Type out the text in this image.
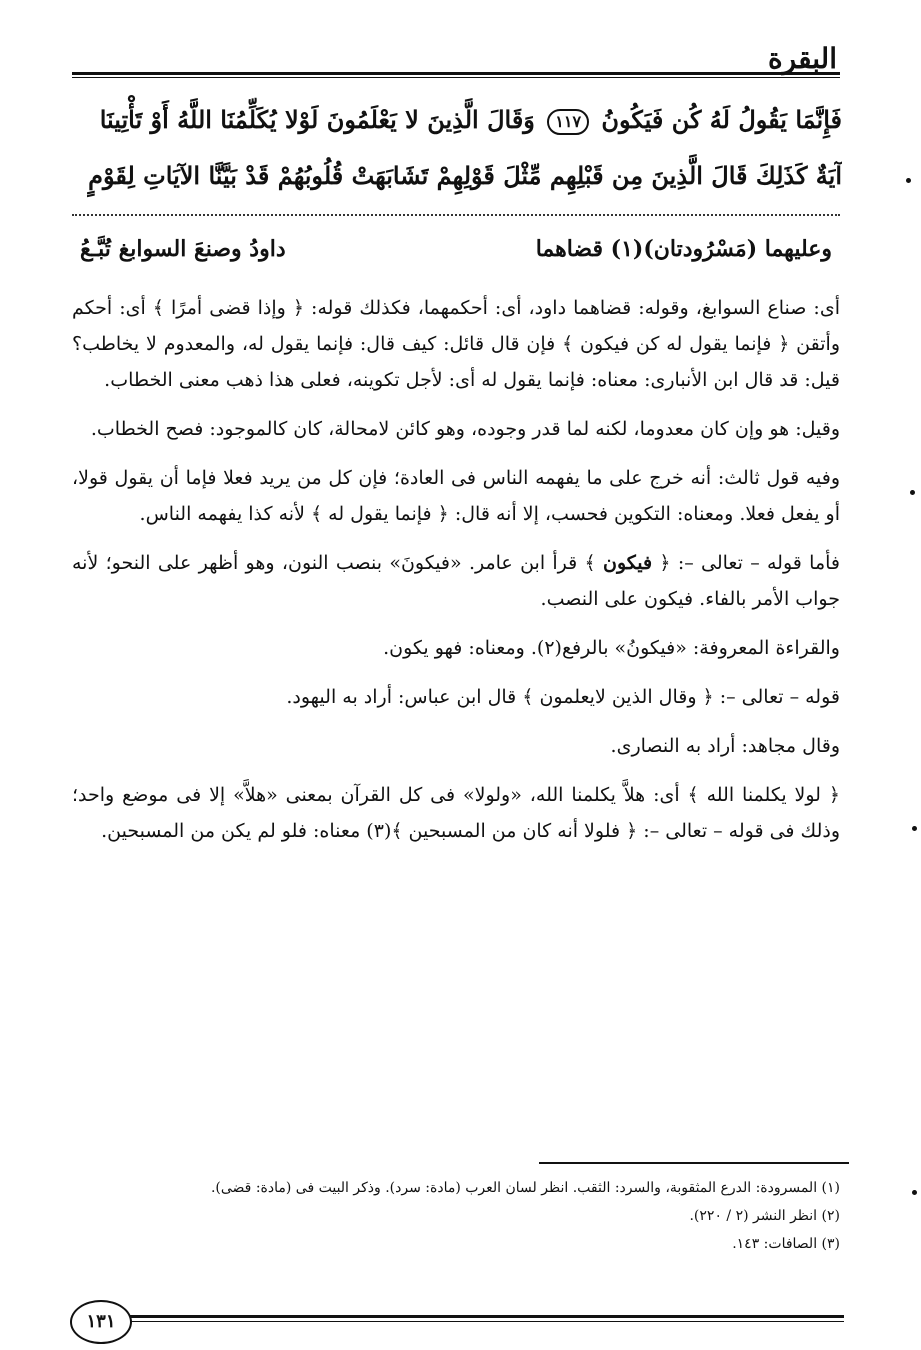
البقرة
فَإِنَّمَا يَقُولُ لَهُ كُن فَيَكُونُ ١١٧ وَقَالَ الَّذِينَ لا يَعْلَمُونَ لَوْلا يُكَلِّمُنَا اللَّهُ أَوْ تَأْتِينَا
آيَةٌ كَذَلِكَ قَالَ الَّذِينَ مِن قَبْلِهِم مِّثْلَ قَوْلِهِمْ تَشَابَهَتْ قُلُوبُهُمْ قَدْ بَيَّنَّا الآيَاتِ لِقَوْمٍ
وعليهما (مَسْرُودتان)(١) قضاهما
داودُ وصنعَ السوابغ تُبَّـعُ

أى: صناع السوابغ، وقوله: قضاهما داود، أى: أحكمهما، فكذلك قوله: ﴿ وإذا قضى أمرًا ﴾ أى: أحكم وأتقن ﴿ فإنما يقول له كن فيكون ﴾ فإن قال قائل: كيف قال: فإنما يقول له، والمعدوم لا يخاطب؟ قيل: قد قال ابن الأنبارى: معناه: فإنما يقول له أى: لأجل تكوينه، فعلى هذا ذهب معنى الخطاب.

وقيل: هو وإن كان معدوما، لكنه لما قدر وجوده، وهو كائن لامحالة، كان كالموجود: فصح الخطاب.

وفيه قول ثالث: أنه خرج على ما يفهمه الناس فى العادة؛ فإن كل من يريد فعلا فإما أن يقول قولا، أو يفعل فعلا. ومعناه: التكوين فحسب، إلا أنه قال: ﴿ فإنما يقول له ﴾ لأنه كذا يفهمه الناس.

فأما قوله – تعالى –: ﴿ فيكون ﴾ قرأ ابن عامر. «فيكونَ» بنصب النون، وهو أظهر على النحو؛ لأنه جواب الأمر بالفاء. فيكون على النصب.

والقراءة المعروفة: «فيكونُ» بالرفع(٢). ومعناه: فهو يكون.

قوله – تعالى –: ﴿ وقال الذين لايعلمون ﴾ قال ابن عباس: أراد به اليهود.

وقال مجاهد: أراد به النصارى.

﴿ لولا يكلمنا الله ﴾ أى: هلاَّ يكلمنا الله، «ولولا» فى كل القرآن بمعنى «هلاَّ» إلا فى موضع واحد؛ وذلك فى قوله – تعالى –: ﴿ فلولا أنه كان من المسبحين ﴾(٣) معناه: فلو لم يكن من المسبحين.

(١) المسرودة: الدرع المثقوبة، والسرد: الثقب. انظر لسان العرب (مادة: سرد). وذكر البيت فى (مادة: قضى).
(٢) انظر النشر (٢ / ٢٢٠).
(٣) الصافات: ١٤٣.
١٣١
